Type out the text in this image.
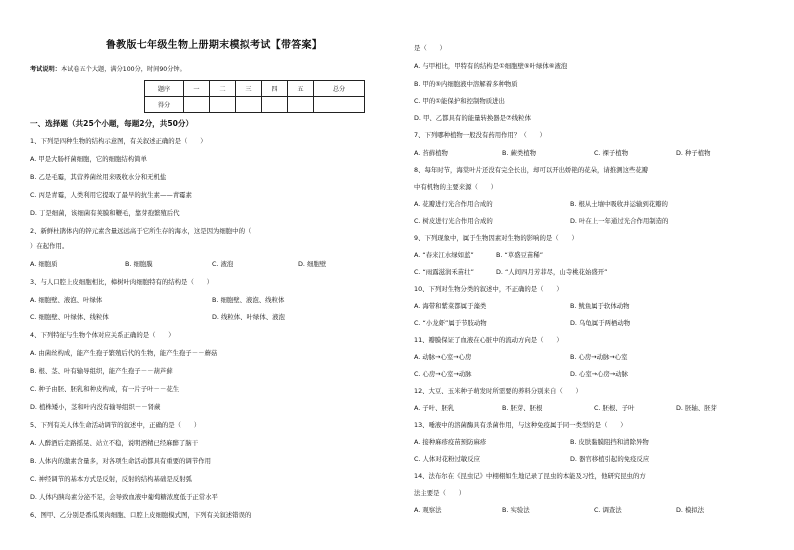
鲁教版七年级生物上册期末模拟考试【带答案】
考试说明：本试卷五个大题，满分100分，时间90分钟。
题序	一	二	三	四	五	总分
得分						
一、选择题（共25个小题，每题2分，共50分）
1、下列是四种生物的结构示意图，有关叙述正确的是（　　）
A. 甲是大肠杆菌细胞，它的细胞结构简单
B. 乙是毛霉，其营养菌丝用来吸收水分和无机盐
C. 丙是青霉，人类利用它提取了最早的抗生素——青霉素
D. 丁是细菌，该细菌有荚膜和鞭毛，靠芽孢繁殖后代
2、新鲜杜鹃体内的锌元素含量远远高于它所生存的海水，这是因为细胞中的（
）在起作用。
A. 细胞质	B. 细胞膜	C. 液泡	D. 细胞壁
3、与人口腔上皮细胞相比，樟树叶肉细胞特有的结构是（　　）
A. 细胞壁、液泡、叶绿体	B. 细胞壁、液泡、线粒体
C. 细胞壁、叶绿体、线粒体	D. 线粒体、叶绿体、液泡
4、下列特征与生物个体对应关系正确的是（　　）
A. 由菌丝构成，能产生孢子繁殖后代的生物，能产生孢子－－蘑菇
B. 根、茎、叶有输导组织，能产生孢子－－葫芦藓
C. 种子由胚、胚乳和种皮构成，有一片子叶－－花生
D. 植株矮小，茎和叶内没有输导组织－－肾蕨
5、下列有关人体生命活动调节的叙述中，正确的是（　　）
A. 人醉酒后走路摇晃、站立不稳，说明酒精已经麻醉了脑干
B. 人体内的激素含量多，对各项生命活动都具有重要的调节作用
C. 神经调节的基本方式是反射，反射的结构基础是反射弧
D. 人体内胰岛素分泌不足，会导致血液中葡萄糖浓度低于正常水平
6、图甲、乙分别是番瓜果肉细胞、口腔上皮细胞模式图，下列有关叙述错误的
是（　　）
A. 与甲相比，甲特有的结构是①细胞壁⑤叶绿体⑥液泡
B. 甲的⑤内细胞液中溶解着多种物质
C. 甲的①能保护和控制物质进出
D. 甲、乙都具有的能量转换器是⑦线粒体
7、下列哪种植物一般没有药用作用？（　　）
A. 苔藓植物	B. 蕨类植物	C. 裸子植物	D. 种子植物
8、每年时节，海棠叶片还没有完全长出，却可以开出娇艳的花朵，请推测这些花瓣
中有机物的主要来源（　　）
A. 花瓣进行光合作用合成的	B. 根从土壤中吸收并运输到花瓣的
C. 树皮进行光合作用合成的	D. 叶在上一年通过光合作用制造的
9、下列现象中，属于生物因素对生物的影响的是（　　）
A. “春来江水绿如蓝”	B. “草盛豆苗稀”
C. “雨露滋润禾苗壮”	D. “人间四月芳菲尽，山寺桃花始盛开”
10、下列对生物分类的叙述中，不正确的是（　　）
A. 海带和紫菜都属于藻类	B. 鱿鱼属于软体动物
C. “小龙虾”属于节肢动物	D. 乌龟属于两栖动物
11、瓣膜保证了血液在心脏中的流动方向是（　　）
A. 动脉→心室→心房	B. 心房→动脉→心室
C. 心房→心室→动脉	D. 心室→心房→动脉
12、大豆、玉米种子萌发时所需要的养料分别来自（　　）
A. 子叶、胚乳	B. 胚芽、胚根	C. 胚根、子叶	D. 胚轴、胚芽
13、唾液中的溶菌酶具有杀菌作用，与这种免疫属于同一类型的是（　　）
A. 接种麻疹疫苗预防麻疹	B. 皮肤黏膜阻挡和清除异物
C. 人体对花粉过敏反应	D. 器官移植引起的免疫反应
14、法布尔在《昆虫记》中栩栩如生地记录了昆虫的本能及习性，他研究昆虫的方
法主要是（　　）
A. 观察法	B. 实验法	C. 调查法	D. 模拟法
